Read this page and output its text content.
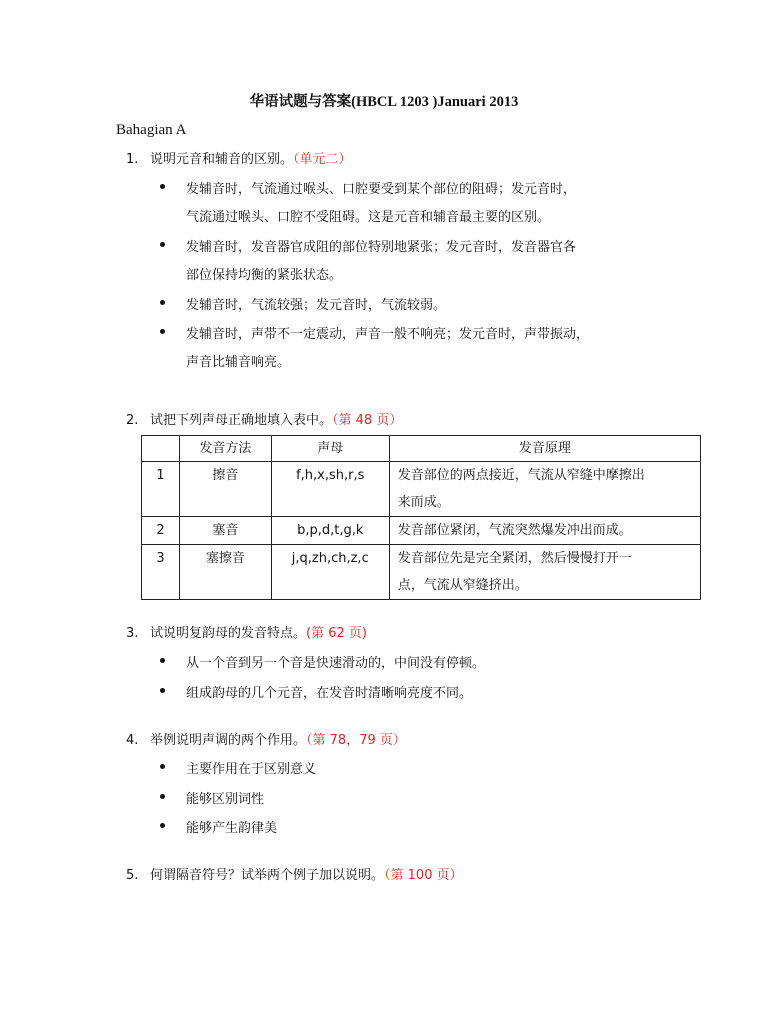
华语试题与答案(HBCL 1203 )Januari 2013
Bahagian A
1. 说明元音和辅音的区别。（单元二）
发辅音时，气流通过喉头、口腔要受到某个部位的阻碍；发元音时，
气流通过喉头、口腔不受阻碍。这是元音和辅音最主要的区别。
发辅音时，发音器官成阻的部位特别地紧张；发元音时，发音器官各
部位保持均衡的紧张状态。
发辅音时，气流较强；发元音时，气流较弱。
发辅音时，声带不一定震动，声音一般不响亮；发元音时，声带振动，
声音比辅音响亮。
2. 试把下列声母正确地填入表中。（第 48 页）
	发音方法	声母	发音原理
1	擦音	f,h,x,sh,r,s	发音部位的两点接近，气流从窄缝中摩擦出
来而成。

2	塞音	b,p,d,t,g,k	发音部位紧闭，气流突然爆发冲出而成。
3	塞擦音	j,q,zh,ch,z,c	发音部位先是完全紧闭，然后慢慢打开一
点，气流从窄缝挤出。
3. 试说明复韵母的发音特点。(第 62 页)
从一个音到另一个音是快速滑动的，中间没有停顿。
组成韵母的几个元音，在发音时清晰响亮度不同。
4. 举例说明声调的两个作用。（第 78，79 页）
主要作用在于区别意义
能够区别词性
能够产生韵律美
5. 何谓隔音符号？试举两个例子加以说明。（第 100 页）
